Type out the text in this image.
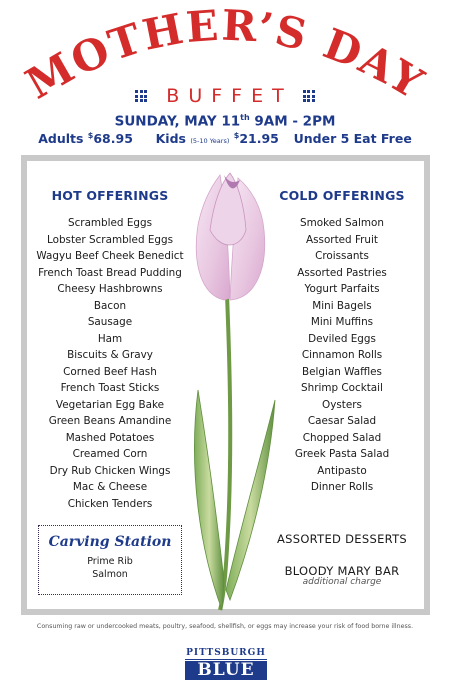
MOTHER’S DAY
BUFFET
SUNDAY, MAY 11th 9AM - 2PM
Adults $68.95 Kids (5-10 Years) $21.95 Under 5 Eat Free
HOT OFFERINGS
Scrambled Eggs
Lobster Scrambled Eggs
Wagyu Beef Cheek Benedict
French Toast Bread Pudding
Cheesy Hashbrowns
Bacon
Sausage
Ham
Biscuits & Gravy
Corned Beef Hash
French Toast Sticks
Vegetarian Egg Bake
Green Beans Amandine
Mashed Potatoes
Creamed Corn
Dry Rub Chicken Wings
Mac & Cheese
Chicken Tenders
COLD OFFERINGS
Smoked Salmon
Assorted Fruit
Croissants
Assorted Pastries
Yogurt Parfaits
Mini Bagels
Mini Muffins
Deviled Eggs
Cinnamon Rolls
Belgian Waffles
Shrimp Cocktail
Oysters
Caesar Salad
Chopped Salad
Greek Pasta Salad
Antipasto
Dinner Rolls
Carving Station
Prime Rib
Salmon
ASSORTED DESSERTS
BLOODY MARY BAR
additional charge
Consuming raw or undercooked meats, poultry, seafood, shellfish, or eggs may increase your risk of food borne illness.
PITTSBURGH
BLUE
